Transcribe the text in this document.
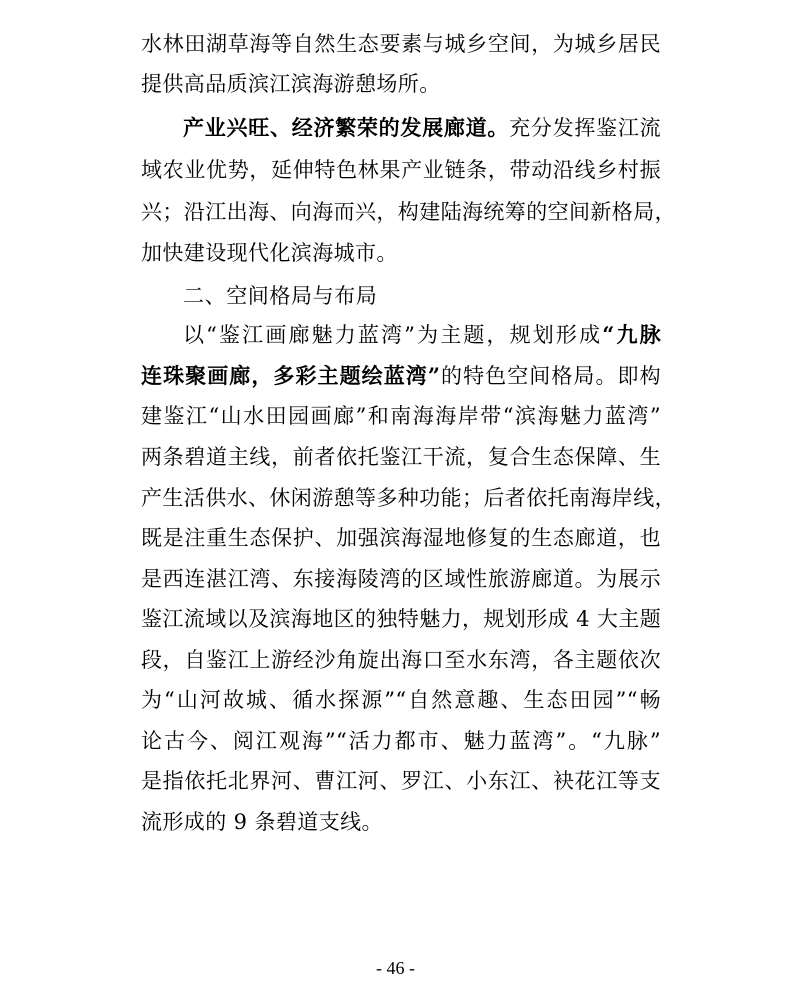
水林田湖草海等自然生态要素与城乡空间，为城乡居民
提供高品质滨江滨海游憩场所。
产业兴旺、经济繁荣的发展廊道。充分发挥鉴江流
域农业优势，延伸特色林果产业链条，带动沿线乡村振
兴；沿江出海、向海而兴，构建陆海统筹的空间新格局，
加快建设现代化滨海城市。
二、空间格局与布局
以“鉴江画廊魅力蓝湾”为主题，规划形成“九脉
连珠聚画廊，多彩主题绘蓝湾”的特色空间格局。即构
建鉴江“山水田园画廊”和南海海岸带“滨海魅力蓝湾”
两条碧道主线，前者依托鉴江干流，复合生态保障、生
产生活供水、休闲游憩等多种功能；后者依托南海岸线，
既是注重生态保护、加强滨海湿地修复的生态廊道，也
是西连湛江湾、东接海陵湾的区域性旅游廊道。为展示
鉴江流域以及滨海地区的独特魅力，规划形成 4 大主题
段，自鉴江上游经沙角旋出海口至水东湾，各主题依次
为“山河故城、循水探源”“自然意趣、生态田园”“畅
论古今、阅江观海”“活力都市、魅力蓝湾”。“九脉”
是指依托北界河、曹江河、罗江、小东江、袂花江等支
流形成的 9 条碧道支线。
- 46 -
